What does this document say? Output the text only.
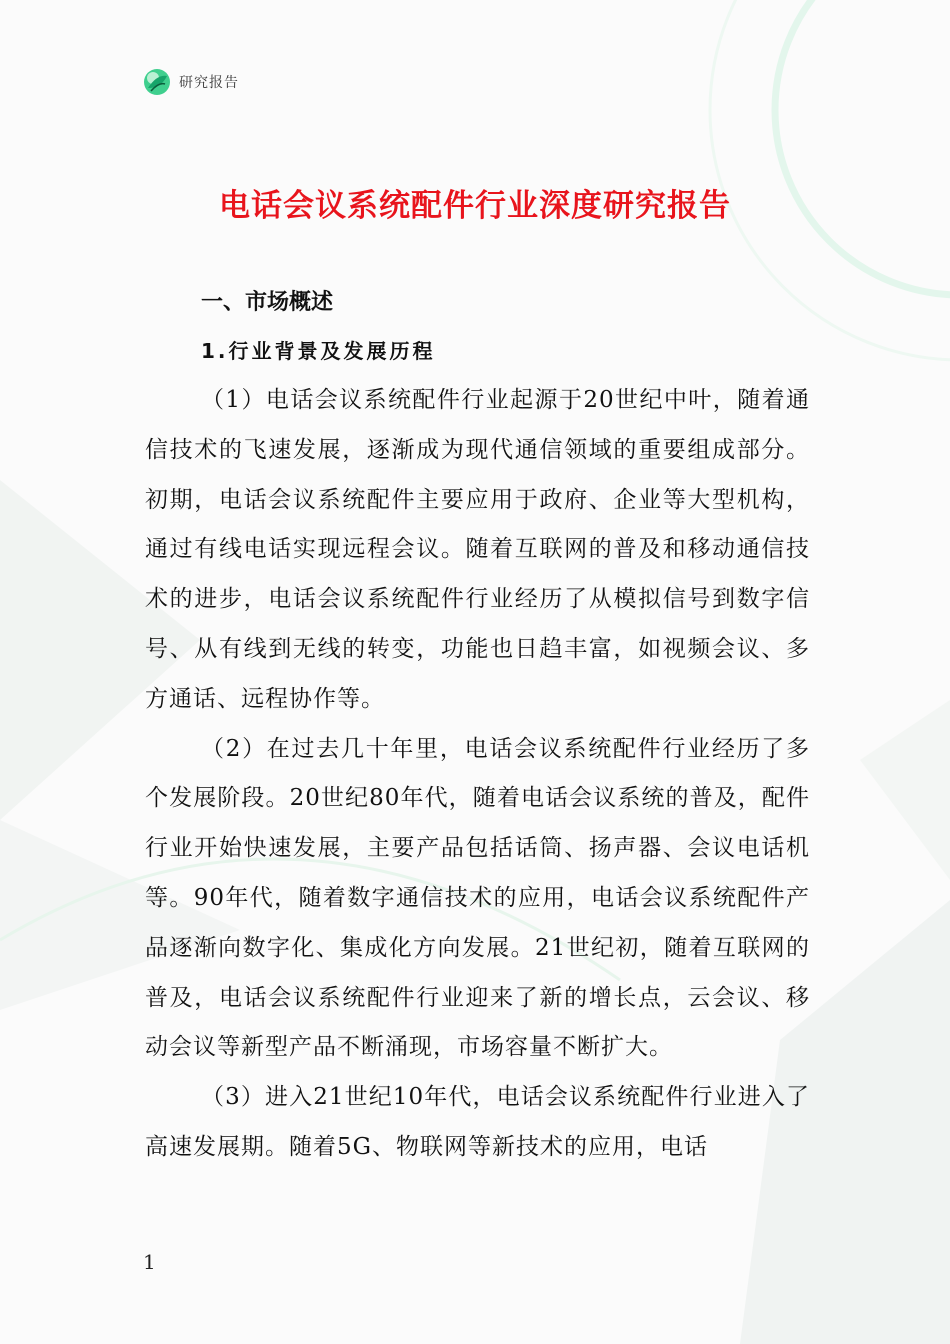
研究报告
电话会议系统配件行业深度研究报告
一、市场概述
1.行业背景及发展历程

（1）电话会议系统配件行业起源于20世纪中叶，随着通信技术的飞速发展，逐渐成为现代通信领域的重要组成部分。初期，电话会议系统配件主要应用于政府、企业等大型机构，通过有线电话实现远程会议。随着互联网的普及和移动通信技术的进步，电话会议系统配件行业经历了从模拟信号到数字信号、从有线到无线的转变，功能也日趋丰富，如视频会议、多方通话、远程协作等。

（2）在过去几十年里，电话会议系统配件行业经历了多个发展阶段。20世纪80年代，随着电话会议系统的普及，配件行业开始快速发展，主要产品包括话筒、扬声器、会议电话机等。90年代，随着数字通信技术的应用，电话会议系统配件产品逐渐向数字化、集成化方向发展。21世纪初，随着互联网的普及，电话会议系统配件行业迎来了新的增长点，云会议、移动会议等新型产品不断涌现，市场容量不断扩大。

（3）进入21世纪10年代，电话会议系统配件行业进入了高速发展期。随着5G、物联网等新技术的应用，电话

1
